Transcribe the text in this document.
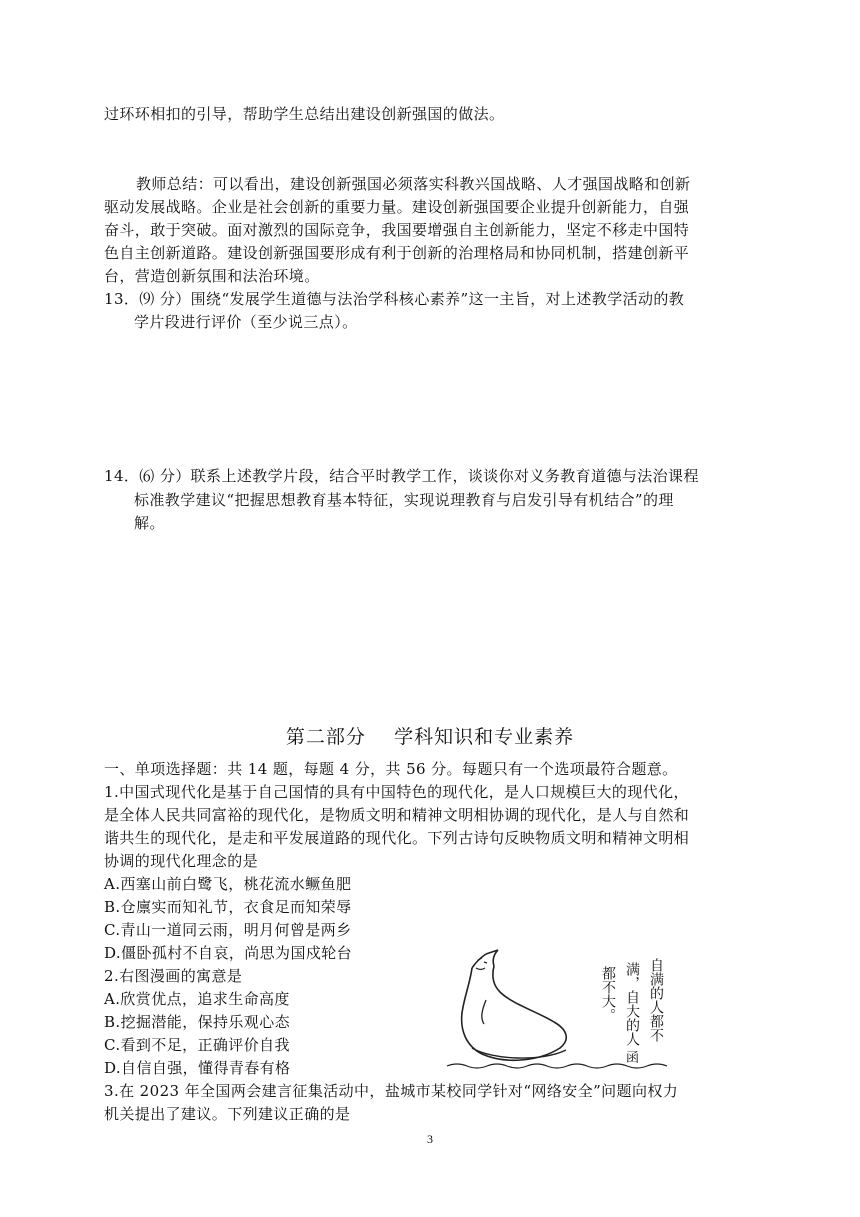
过环环相扣的引导，帮助学生总结出建设创新强国的做法。
教师总结：可以看出，建设创新强国必须落实科教兴国战略、人才强国战略和创新
驱动发展战略。企业是社会创新的重要力量。建设创新强国要企业提升创新能力，自强
奋斗，敢于突破。面对激烈的国际竞争，我国要增强自主创新能力，坚定不移走中国特
色自主创新道路。建设创新强国要形成有利于创新的治理格局和协同机制，搭建创新平
台，营造创新氛围和法治环境。
13．⑼ 分）围绕“发展学生道德与法治学科核心素养”这一主旨，对上述教学活动的教
学片段进行评价（至少说三点）。
14．⑹ 分）联系上述教学片段，结合平时教学工作，谈谈你对义务教育道德与法治课程
标准教学建议“把握思想教育基本特征，实现说理教育与启发引导有机结合”的理
解。
第二部分    学科知识和专业素养
一、单项选择题：共 14 题，每题 4 分，共 56 分。每题只有一个选项最符合题意。
1.中国式现代化是基于自己国情的具有中国特色的现代化，是人口规模巨大的现代化，
是全体人民共同富裕的现代化，是物质文明和精神文明相协调的现代化，是人与自然和
谐共生的现代化，是走和平发展道路的现代化。下列古诗句反映物质文明和精神文明相
协调的现代化理念的是
A.西塞山前白鹭飞，桃花流水鳜鱼肥
B.仓廪实而知礼节，衣食足而知荣辱
C.青山一道同云雨，明月何曾是两乡
D.僵卧孤村不自哀，尚思为国戍轮台
2.右图漫画的寓意是
A.欣赏优点，追求生命高度
B.挖掘潜能，保持乐观心态
C.看到不足，正确评价自我
D.自信自强，懂得青春有格
自满的人都不
满，自大的人
都不大。
函
3.在 2023 年全国两会建言征集活动中，盐城市某校同学针对“网络安全”问题向权力
机关提出了建议。下列建议正确的是
3
